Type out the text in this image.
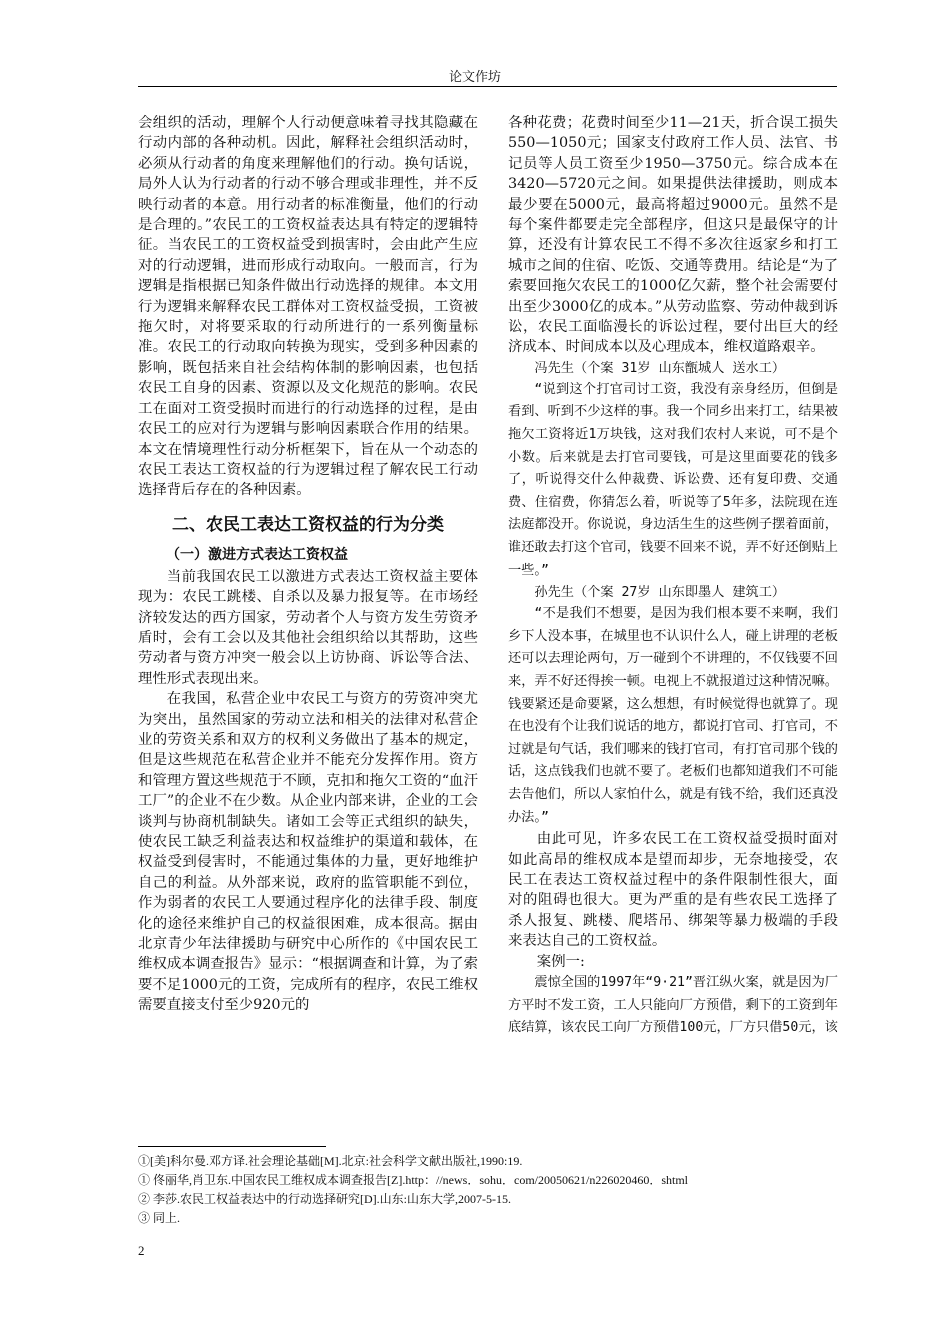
论文作坊

会组织的活动，理解个人行动便意味着寻找其隐藏在行动内部的各种动机。因此，解释社会组织活动时，必须从行动者的角度来理解他们的行动。换句话说，局外人认为行动者的行动不够合理或非理性，并不反映行动者的本意。用行动者的标准衡量，他们的行动是合理的。”农民工的工资权益表达具有特定的逻辑特征。当农民工的工资权益受到损害时，会由此产生应对的行动逻辑，进而形成行动取向。一般而言，行为逻辑是指根据已知条件做出行动选择的规律。本文用行为逻辑来解释农民工群体对工资权益受损，工资被拖欠时，对将要采取的行动所进行的一系列衡量标准。农民工的行动取向转换为现实，受到多种因素的影响，既包括来自社会结构体制的影响因素，也包括农民工自身的因素、资源以及文化规范的影响。农民工在面对工资受损时而进行的行动选择的过程，是由农民工的应对行为逻辑与影响因素联合作用的结果。本文在情境理性行动分析框架下，旨在从一个动态的农民工表达工资权益的行为逻辑过程了解农民工行动选择背后存在的各种因素。

二、农民工表达工资权益的行为分类
（一）激进方式表达工资权益

当前我国农民工以激进方式表达工资权益主要体现为：农民工跳楼、自杀以及暴力报复等。在市场经济较发达的西方国家，劳动者个人与资方发生劳资矛盾时，会有工会以及其他社会组织给以其帮助，这些劳动者与资方冲突一般会以上访协商、诉讼等合法、理性形式表现出来。

在我国，私营企业中农民工与资方的劳资冲突尤为突出，虽然国家的劳动立法和相关的法律对私营企业的劳资关系和双方的权利义务做出了基本的规定，但是这些规范在私营企业并不能充分发挥作用。资方和管理方置这些规范于不顾，克扣和拖欠工资的“血汗工厂”的企业不在少数。从企业内部来讲，企业的工会谈判与协商机制缺失。诸如工会等正式组织的缺失，使农民工缺乏利益表达和权益维护的渠道和载体，在权益受到侵害时，不能通过集体的力量，更好地维护自己的利益。从外部来说，政府的监管职能不到位，作为弱者的农民工人要通过程序化的法律手段、制度化的途径来维护自己的权益很困难，成本很高。据由北京青少年法律援助与研究中心所作的《中国农民工维权成本调查报告》显示：“根据调查和计算，为了索要不足1000元的工资，完成所有的程序，农民工维权需要直接支付至少920元的

各种花费；花费时间至少11—21天，折合误工损失550—1050元；国家支付政府工作人员、法官、书记员等人员工资至少1950—3750元。综合成本在3420—5720元之间。如果提供法律援助，则成本最少要在5000元，最高将超过9000元。虽然不是每个案件都要走完全部程序，但这只是最保守的计算，还没有计算农民工不得不多次往返家乡和打工城市之间的住宿、吃饭、交通等费用。结论是“为了索要回拖欠农民工的1000亿欠薪，整个社会需要付出至少3000亿的成本。”从劳动监察、劳动仲裁到诉讼，农民工面临漫长的诉讼过程，要付出巨大的经济成本、时间成本以及心理成本，维权道路艰辛。

冯先生（个案 31岁 山东甑城人 送水工）

“说到这个打官司讨工资，我没有亲身经历，但倒是看到、听到不少这样的事。我一个同乡出来打工，结果被拖欠工资将近1万块钱，这对我们农村人来说，可不是个小数。后来就是去打官司要钱，可是这里面要花的钱多了，听说得交什么仲裁费、诉讼费、还有复印费、交通费、住宿费，你猜怎么着，听说等了5年多，法院现在连法庭都没开。你说说，身边活生生的这些例子摆着面前，谁还敢去打这个官司，钱要不回来不说，弄不好还倒贴上一些。”

孙先生（个案 27岁 山东即墨人 建筑工）

“不是我们不想要，是因为我们根本要不来啊，我们乡下人没本事，在城里也不认识什么人，碰上讲理的老板还可以去理论两句，万一碰到个不讲理的，不仅钱要不回来，弄不好还得挨一顿。电视上不就报道过这种情况嘛。钱要紧还是命要紧，这么想想，有时候觉得也就算了。现在也没有个让我们说话的地方，都说打官司、打官司，不过就是句气话，我们哪来的钱打官司，有打官司那个钱的话，这点钱我们也就不要了。老板们也都知道我们不可能去告他们，所以人家怕什么，就是有钱不给，我们还真没办法。”

由此可见，许多农民工在工资权益受损时面对如此高昂的维权成本是望而却步，无奈地接受，农民工在表达工资权益过程中的条件限制性很大，面对的阻碍也很大。更为严重的是有些农民工选择了杀人报复、跳楼、爬塔吊、绑架等暴力极端的手段来表达自己的工资权益。

案例一:

震惊全国的1997年“9·21”晋江纵火案，就是因为厂方平时不发工资，工人只能向厂方预借，剩下的工资到年底结算，该农民工向厂方预借100元，厂方只借50元，该

①[美]科尔曼.邓方译.社会理论基础[M].北京:社会科学文献出版社,1990:19.
① 佟丽华,肖卫东.中国农民工维权成本调查报告[Z].http：//news．sohu．com/20050621/n226020460．shtml
② 李莎.农民工权益表达中的行动选择研究[D].山东:山东大学,2007-5-15.
③ 同上.
2
